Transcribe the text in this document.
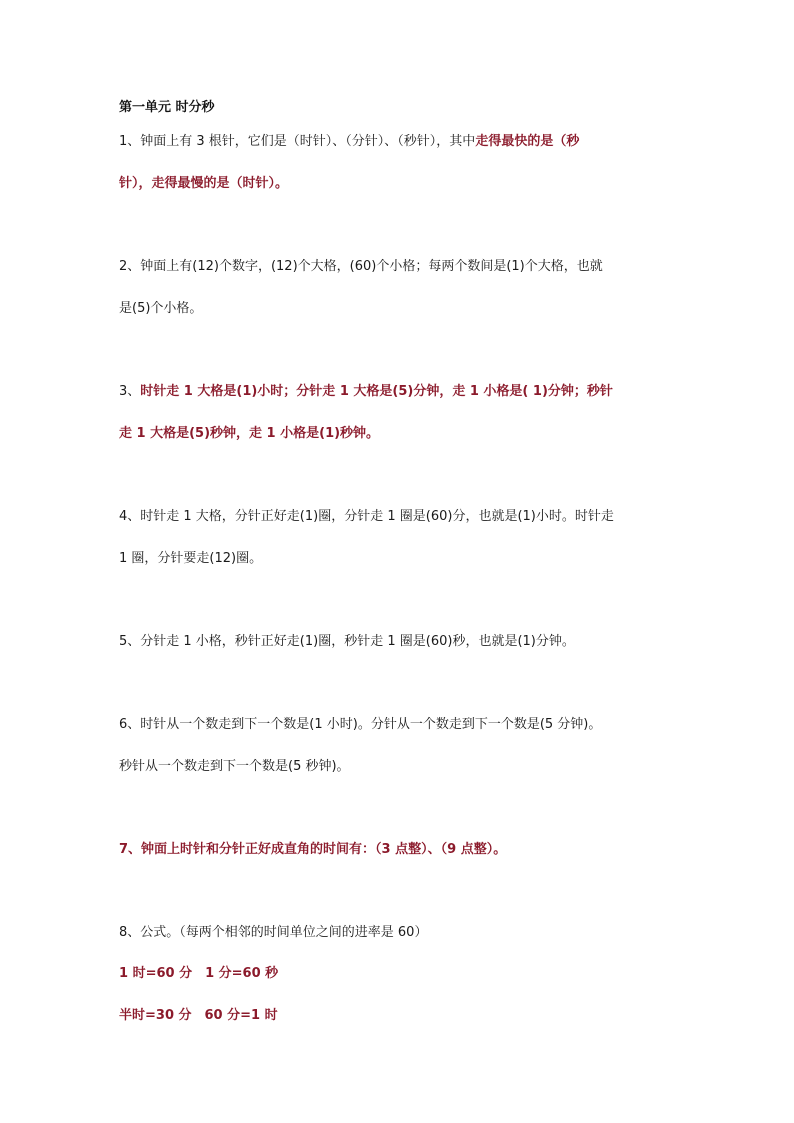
第一单元 时分秒
1、钟面上有 3 根针，它们是（时针）、（分针）、（秒针），其中走得最快的是（秒
针），走得最慢的是（时针）。
2、钟面上有(12)个数字，(12)个大格，(60)个小格；每两个数间是(1)个大格，也就
是(5)个小格。
3、时针走 1 大格是(1)小时；分针走 1 大格是(5)分钟，走 1 小格是( 1)分钟；秒针
走 1 大格是(5)秒钟，走 1 小格是(1)秒钟。
4、时针走 1 大格，分针正好走(1)圈，分针走 1 圈是(60)分，也就是(1)小时。时针走
1 圈，分针要走(12)圈。
5、分针走 1 小格，秒针正好走(1)圈，秒针走 1 圈是(60)秒，也就是(1)分钟。
6、时针从一个数走到下一个数是(1 小时)。分针从一个数走到下一个数是(5 分钟)。
秒针从一个数走到下一个数是(5 秒钟)。
7、钟面上时针和分针正好成直角的时间有：（3 点整）、（9 点整）。
8、公式。（每两个相邻的时间单位之间的进率是 60）
1 时=60 分　1 分=60 秒
半时=30 分　60 分=1 时
